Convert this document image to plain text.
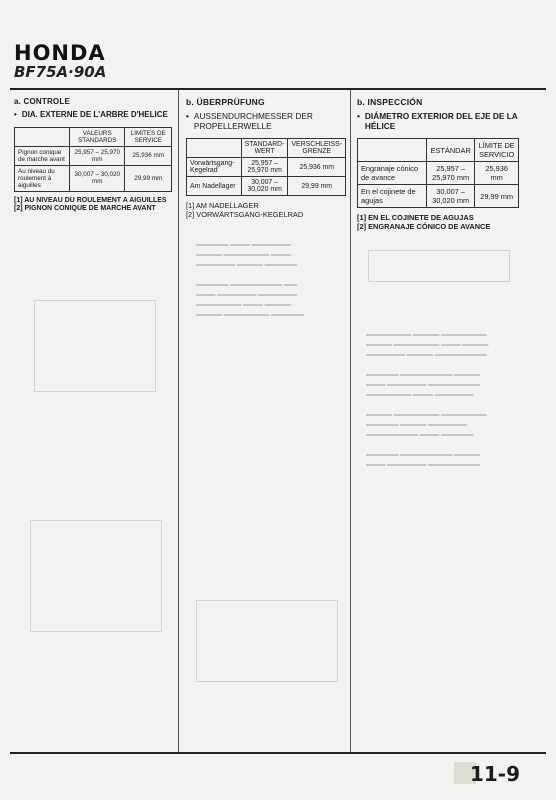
▬▬▬▬▬ ▬▬▬ ▬▬▬▬▬▬
▬▬▬▬ ▬▬▬▬▬▬▬ ▬▬▬
▬▬▬▬▬▬ ▬▬▬▬ ▬▬▬▬▬

▬▬▬▬▬ ▬▬▬▬▬▬▬▬ ▬▬
▬▬▬ ▬▬▬▬▬▬ ▬▬▬▬▬▬
▬▬▬▬▬▬▬ ▬▬▬ ▬▬▬▬
▬▬▬▬ ▬▬▬▬▬▬▬ ▬▬▬▬▬
▬▬▬▬▬▬▬ ▬▬▬▬ ▬▬▬▬▬▬▬
▬▬▬▬ ▬▬▬▬▬▬▬ ▬▬▬ ▬▬▬▬
▬▬▬▬▬▬ ▬▬▬▬ ▬▬▬▬▬▬▬▬

▬▬▬▬▬ ▬▬▬▬▬▬▬▬ ▬▬▬▬
▬▬▬ ▬▬▬▬▬▬ ▬▬▬▬▬▬▬▬
▬▬▬▬▬▬▬ ▬▬▬ ▬▬▬▬▬▬

▬▬▬▬ ▬▬▬▬▬▬▬ ▬▬▬▬▬▬▬
▬▬▬▬▬ ▬▬▬▬ ▬▬▬▬▬▬
▬▬▬▬▬▬▬▬ ▬▬▬ ▬▬▬▬▬

▬▬▬▬▬ ▬▬▬▬▬▬▬▬ ▬▬▬▬
▬▬▬ ▬▬▬▬▬▬ ▬▬▬▬▬▬▬▬
HONDA
BF75A·90A
a. CONTROLE
• DIA. EXTERNE DE L'ARBRE D'HELICE
	VALEURS STANDARDS	LIMITES DE SERVICE
Pignon conique de marche avant	25,957 – 25,970 mm	25,936 mm
Au niveau du roulement à aiguilles	30,007 – 30,020 mm	29,99 mm
[1] AU NIVEAU DU ROULEMENT A AIGUILLES
[2] PIGNON CONIQUE DE MARCHE AVANT
b. ÜBERPRÜFUNG
• AUSSENDURCHMESSER DER PROPELLERWELLE
	STANDARD-WERT	VERSCHLEISS-GRENZE
Vorwärtsgang-Kegelrad	25,957 – 25,970 mm	25,936 mm
Am Nadellager	30,007 – 30,020 mm	29,99 mm
[1] AM NADELLAGER
[2] VORWÄRTSGANG-KEGELRAD
b. INSPECCIÓN
• DIÁMETRO EXTERIOR DEL EJE DE LA HÉLICE
	ESTÁNDAR	LÍMITE DE SERVICIO
Engranaje cónico de avance	25,957 – 25,970 mm	25,936 mm
En el cojinete de agujas	30,007 – 30,020 mm	29,99 mm
[1] EN EL COJINETE DE AGUJAS
[2] ENGRANAJE CÓNICO DE AVANCE
11-9
